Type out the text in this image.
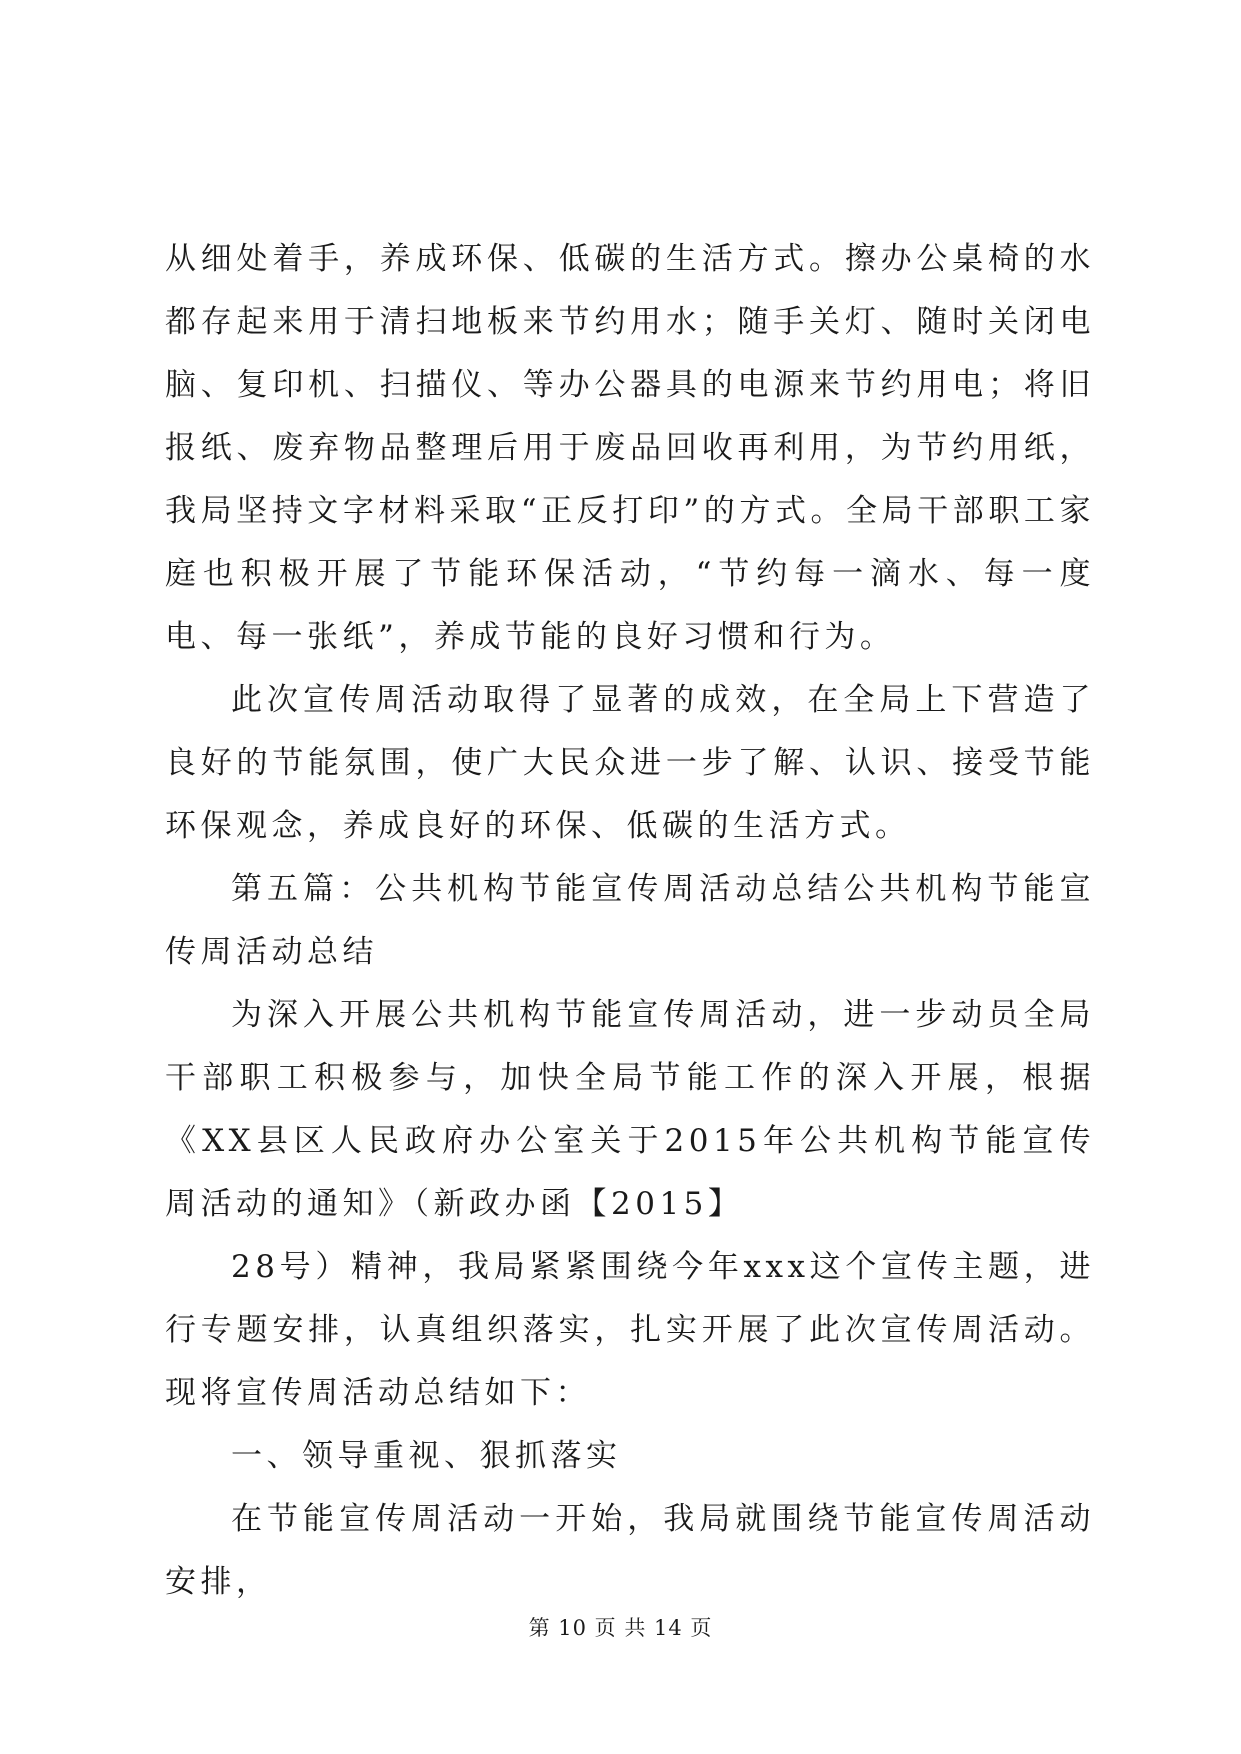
从细处着手，养成环保、低碳的生活方式。擦办公桌椅的水都存起来用于清扫地板来节约用水；随手关灯、随时关闭电脑、复印机、扫描仪、等办公器具的电源来节约用电；将旧报纸、废弃物品整理后用于废品回收再利用，为节约用纸，我局坚持文字材料采取“正反打印”的方式。全局干部职工家庭也积极开展了节能环保活动，“节约每一滴水、每一度电、每一张纸”，养成节能的良好习惯和行为。

此次宣传周活动取得了显著的成效，在全局上下营造了良好的节能氛围，使广大民众进一步了解、认识、接受节能环保观念，养成良好的环保、低碳的生活方式。

第五篇：公共机构节能宣传周活动总结公共机构节能宣传周活动总结

为深入开展公共机构节能宣传周活动，进一步动员全局干部职工积极参与，加快全局节能工作的深入开展，根据《XX县区人民政府办公室关于2015年公共机构节能宣传周活动的通知》（新政办函【2015】

28号）精神，我局紧紧围绕今年xxx这个宣传主题，进行专题安排，认真组织落实，扎实开展了此次宣传周活动。现将宣传周活动总结如下：

一、领导重视、狠抓落实

在节能宣传周活动一开始，我局就围绕节能宣传周活动安排，

第 10 页 共 14 页
